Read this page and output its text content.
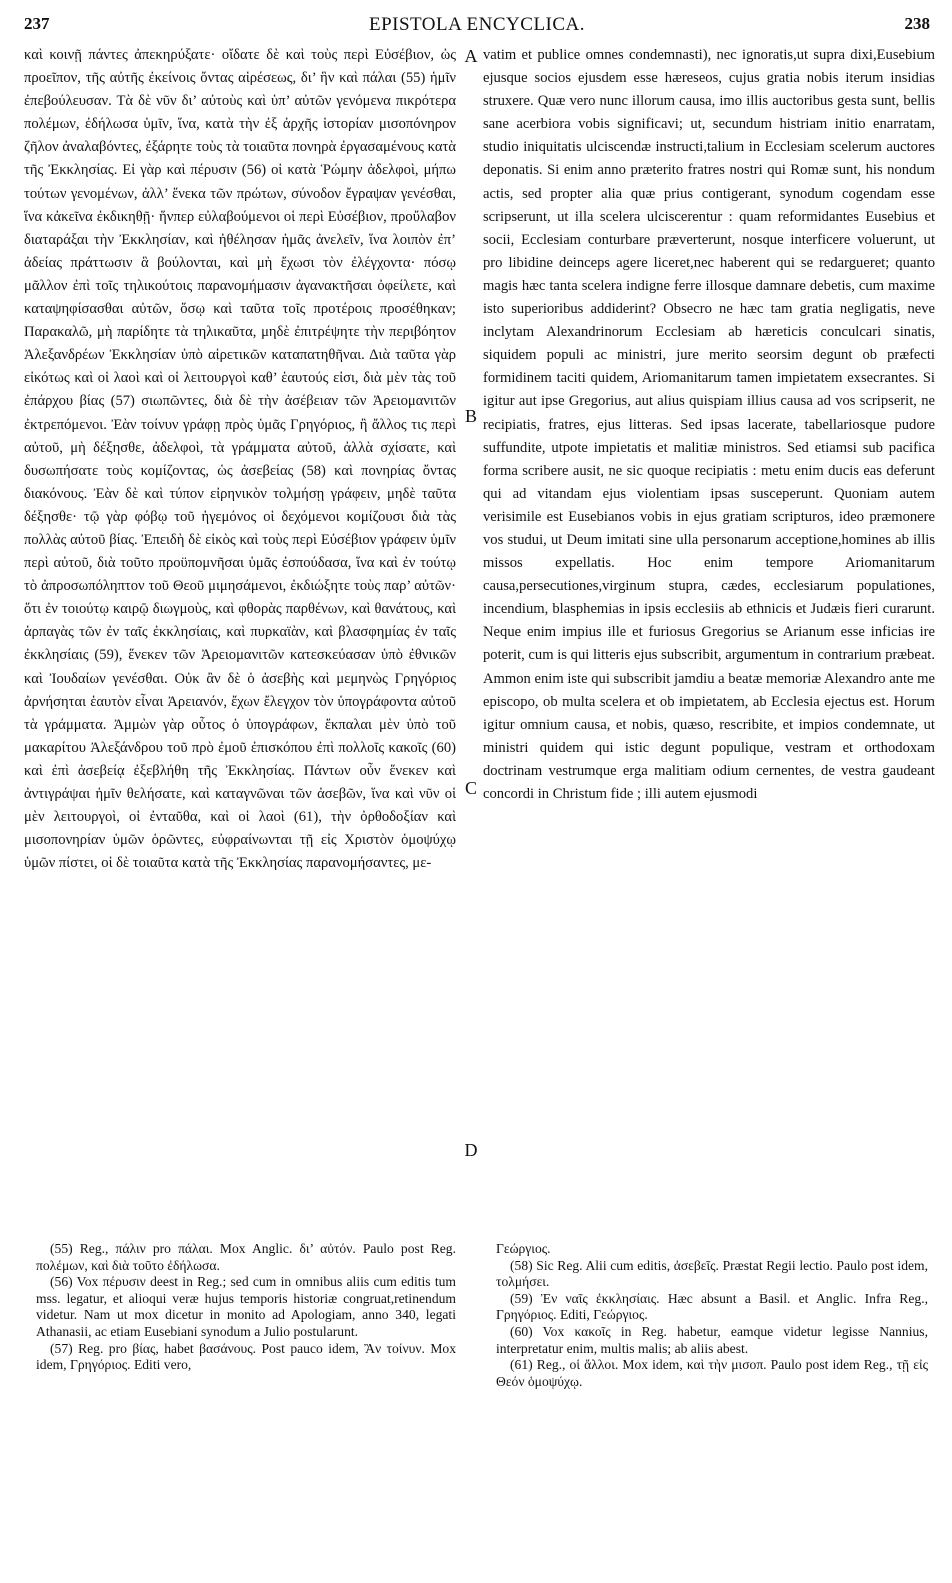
237	EPISTOLA ENCYCLICA.	238

καὶ κοινῇ πάντες ἀπεκηρύξατε· οἴδατε δὲ καὶ τοὺς περὶ Εὐσέβιον, ὡς προεῖπον, τῆς αὐτῆς ἐκείνοις ὄντας αἱρέσεως, δι’ ἣν καὶ πάλαι (55) ἡμῖν ἐπεβούλευσαν. Τὰ δὲ νῦν δι’ αὐτοὺς καὶ ὑπ’ αὐτῶν γενόμενα πικρότερα πολέμων, ἐδήλωσα ὑμῖν, ἵνα, κατὰ τὴν ἐξ ἀρχῆς ἱστορίαν μισοπόνηρον ζῆλον ἀναλαβόντες, ἐξάρητε τοὺς τὰ τοιαῦτα πονηρὰ ἐργασαμένους κατὰ τῆς Ἐκκλησίας. Εἰ γὰρ καὶ πέρυσιν (56) οἱ κατὰ Ῥώμην ἀδελφοὶ, μήπω τούτων γενομένων, ἀλλ’ ἕνεκα τῶν πρώτων, σύνοδον ἔγραψαν γενέσθαι, ἵνα κἀκεῖνα ἐκδικηθῇ· ἥνπερ εὐλαβούμενοι οἱ περὶ Εὐσέβιον, προὔλαβον διαταράξαι τὴν Ἐκκλησίαν, καὶ ἠθέλησαν ἡμᾶς ἀνελεῖν, ἵνα λοιπὸν ἐπ’ ἀδείας πράττωσιν ἃ βούλονται, καὶ μὴ ἔχωσι τὸν ἐλέγχοντα· πόσῳ μᾶλλον ἐπὶ τοῖς τηλικούτοις παρανομήμασιν ἀγανακτῆσαι ὀφείλετε, καὶ καταψηφίσασθαι αὐτῶν, ὅσῳ καὶ ταῦτα τοῖς προτέροις προσέθηκαν; Παρακαλῶ, μὴ παρίδητε τὰ τηλικαῦτα, μηδὲ ἐπιτρέψητε τὴν περιβόητον Ἀλεξανδρέων Ἐκκλησίαν ὑπὸ αἱρετικῶν καταπατηθῆναι. Διὰ ταῦτα γὰρ εἰκότως καὶ οἱ λαοὶ καὶ οἱ λειτουργοὶ καθ’ ἑαυτούς εἰσι, διὰ μὲν τὰς τοῦ ἐπάρχου βίας (57) σιωπῶντες, διὰ δὲ τὴν ἀσέβειαν τῶν Ἀρειομανιτῶν ἐκτρεπόμενοι. Ἐὰν τοίνυν γράφῃ πρὸς ὑμᾶς Γρηγόριος, ἢ ἄλλος τις περὶ αὐτοῦ, μὴ δέξησθε, ἀδελφοὶ, τὰ γράμματα αὐτοῦ, ἀλλὰ σχίσατε, καὶ δυσωπήσατε τοὺς κομίζοντας, ὡς ἀσεβείας (58) καὶ πονηρίας ὄντας διακόνους. Ἐὰν δὲ καὶ τύπον εἰρηνικὸν τολμήσῃ γράφειν, μηδὲ ταῦτα δέξησθε· τῷ γὰρ φόβῳ τοῦ ἡγεμόνος οἱ δεχόμενοι κομίζουσι διὰ τὰς πολλὰς αὐτοῦ βίας. Ἐπειδὴ δὲ εἰκὸς καὶ τοὺς περὶ Εὐσέβιον γράφειν ὑμῖν περὶ αὐτοῦ, διὰ τοῦτο προϋπομνῆσαι ὑμᾶς ἐσπούδασα, ἵνα καὶ ἐν τούτῳ τὸ ἀπροσωπόληπτον τοῦ Θεοῦ μιμησάμενοι, ἐκδιώξητε τοὺς παρ’ αὐτῶν· ὅτι ἐν τοιούτῳ καιρῷ διωγμοὺς, καὶ φθορὰς παρθένων, καὶ θανάτους, καὶ ἁρπαγὰς τῶν ἐν ταῖς ἐκκλησίαις, καὶ πυρκαϊὰν, καὶ βλασφημίας ἐν ταῖς ἐκκλησίαις (59), ἕνεκεν τῶν Ἀρειομανιτῶν κατεσκεύασαν ὑπὸ ἐθνικῶν καὶ Ἰουδαίων γενέσθαι. Οὐκ ἂν δὲ ὁ ἀσεβὴς καὶ μεμηνὼς Γρηγόριος ἀρνήσηται ἑαυτὸν εἶναι Ἀρειανόν, ἔχων ἔλεγχον τὸν ὑπογράφοντα αὐτοῦ τὰ γράμματα. Ἀμμὼν γὰρ οὗτος ὁ ὑπογράφων, ἔκπαλαι μὲν ὑπὸ τοῦ μακαρίτου Ἀλεξάνδρου τοῦ πρὸ ἐμοῦ ἐπισκόπου ἐπὶ πολλοῖς κακοῖς (60) καὶ ἐπὶ ἀσεβείᾳ ἐξεβλήθη τῆς Ἐκκλησίας. Πάντων οὖν ἕνεκεν καὶ ἀντιγράψαι ἡμῖν θελήσατε, καὶ καταγνῶναι τῶν ἀσεβῶν, ἵνα καὶ νῦν οἱ μὲν λειτουργοὶ, οἱ ἐνταῦθα, καὶ οἱ λαοὶ (61), τὴν ὀρθοδοξίαν καὶ μισοπονηρίαν ὑμῶν ὁρῶντες, εὐφραίνωνται τῇ εἰς Χριστὸν ὁμοψύχῳ ὑμῶν πίστει, οἱ δὲ τοιαῦτα κατὰ τῆς Ἐκκλησίας παρανομήσαντες, με-

A
B
C
D

vatim et publice omnes condemnasti), nec ignoratis,ut supra dixi,Eusebium ejusque socios ejusdem esse hæreseos, cujus gratia nobis iterum insidias struxere. Quæ vero nunc illorum causa, imo illis auctoribus gesta sunt, bellis sane acerbiora vobis significavi; ut, secundum histriam initio enarratam, studio iniquitatis ulciscendæ instructi,talium in Ecclesiam scelerum auctores deponatis. Si enim anno præterito fratres nostri qui Romæ sunt, his nondum actis, sed propter alia quæ prius contigerant, synodum cogendam esse scripserunt, ut illa scelera ulciscerentur : quam reformidantes Eusebius et socii, Ecclesiam conturbare præverterunt, nosque interficere voluerunt, ut pro libidine deinceps agere liceret,nec haberent qui se redargueret; quanto magis hæc tanta scelera indigne ferre illosque damnare debetis, cum maxime isto superioribus addiderint? Obsecro ne hæc tam gratia negligatis, neve inclytam Alexandrinorum Ecclesiam ab hæreticis conculcari sinatis, siquidem populi ac ministri, jure merito seorsim degunt ob præfecti formidinem taciti quidem, Ariomanitarum tamen impietatem exsecrantes. Si igitur aut ipse Gregorius, aut alius quispiam illius causa ad vos scripserit, ne recipiatis, fratres, ejus litteras. Sed ipsas lacerate, tabellariosque pudore suffundite, utpote impietatis et malitiæ ministros. Sed etiamsi sub pacifica forma scribere ausit, ne sic quoque recipiatis : metu enim ducis eas deferunt qui ad vitandam ejus violentiam ipsas susceperunt. Quoniam autem verisimile est Eusebianos vobis in ejus gratiam scripturos, ideo præmonere vos studui, ut Deum imitati sine ulla personarum acceptione,homines ab illis missos expellatis. Hoc enim tempore Ariomanitarum causa,persecutiones,virginum stupra, cædes, ecclesiarum populationes, incendium, blasphemias in ipsis ecclesiis ab ethnicis et Judæis fieri curarunt. Neque enim impius ille et furiosus Gregorius se Arianum esse inficias ire poterit, cum is qui litteris ejus subscribit, argumentum in contrarium præbeat. Ammon enim iste qui subscribit jamdiu a beatæ memoriæ Alexandro ante me episcopo, ob multa scelera et ob impietatem, ab Ecclesia ejectus est. Horum igitur omnium causa, et nobis, quæso, rescribite, et impios condemnate, ut ministri quidem qui istic degunt populique, vestram et orthodoxam doctrinam vestrumque erga malitiam odium cernentes, de vestra gaudeant concordi in Christum fide ; illi autem ejusmodi

(55) Reg., πάλιν pro πάλαι. Mox Anglic. δι’ αὐτόν. Paulo post Reg. πολέμων, καὶ διὰ τοῦτο ἐδήλωσα.

(56) Vox πέρυσιν deest in Reg.; sed cum in omnibus aliis cum editis tum mss. legatur, et alioqui veræ hujus temporis historiæ congruat,retinendum videtur. Nam ut mox dicetur in monito ad Apologiam, anno 340, legati Athanasii, ac etiam Eusebiani synodum a Julio postularunt.

(57) Reg. pro βίας, habet βασάνους. Post pauco idem, Ἂν τοίνυν. Mox idem, Γρηγόριος. Editi vero,

Γεώργιος.

(58) Sic Reg. Alii cum editis, ἀσεβεῖς. Præstat Regii lectio. Paulo post idem, τολμήσει.

(59) Ἐν ναῖς ἐκκλησίαις. Hæc absunt a Basil. et Anglic. Infra Reg., Γρηγόριος. Editi, Γεώργιος.

(60) Vox κακοῖς in Reg. habetur, eamque videtur legisse Nannius, interpretatur enim, multis malis; ab aliis abest.

(61) Reg., οἱ ἄλλοι. Mox idem, καὶ τὴν μισοπ. Paulo post idem Reg., τῇ εἰς Θεόν ὁμοψύχῳ.
